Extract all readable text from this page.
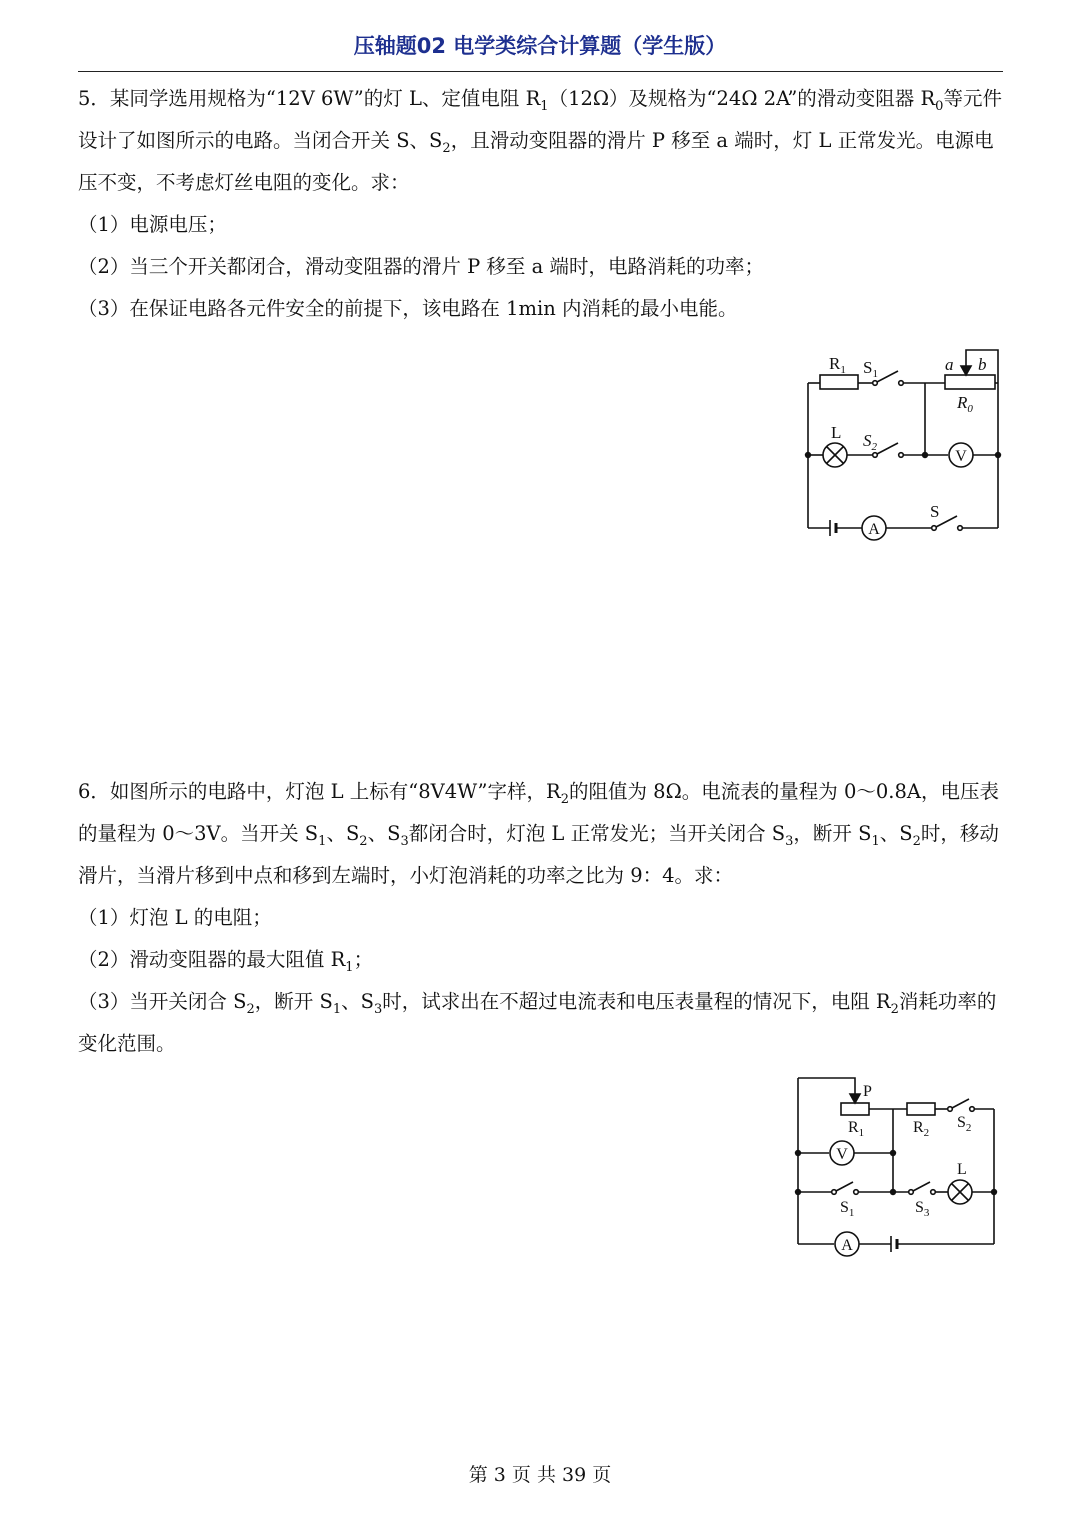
压轴题02 电学类综合计算题（学生版）

5．某同学选用规格为“12V 6W”的灯 L、定值电阻 $R_1(12\Omega)$及规格为“24Ω 2A”的滑动变阻器 $R_0$等元件设计了如图所示的电路。当闭合开关 S、$S_2$，且滑动变阻器的滑片 P 移至 a 端时，灯 L 正常发光。电源电压不变，不考虑灯丝电阻的变化。求：

（1）电源电压；

（2）当三个开关都闭合，滑动变阻器的滑片 P 移至 a 端时，电路消耗的功率；

（3）在保证电路各元件安全的前提下，该电路在 1min 内消耗的最小电能。

$R_1$ $S_1$	a b
$R_0$
L $S_2$
V
A
S

6．如图所示的电路中，灯泡 L 上标有“8V4W”字样，$R_2$的阻值为 8Ω。电流表的量程为 0～0.8A，电压表的量程为 0～3V。当开关 $S_1$、$S_2$、$S_3$都闭合时，灯泡 L 正常发光；当开关闭合 $S_3$，断开 $S_1$、$S_2$时，移动滑片，当滑片移到中点和移到左端时，小灯泡消耗的功率之比为 9：4。求：

（1）灯泡 L 的电阻；

（2）滑动变阻器的最大阻值 $R_1$；

（3）当开关闭合 $S_2$，断开 $S_1$、$S_3$时，试求出在不超过电流表和电压表量程的情况下，电阻 $R_2$消耗功率的变化范围。

P
$R_1$	$R_2$
$S_2$
V
L
$S_1$	$S_3$
A
第 3 页 共 39 页
